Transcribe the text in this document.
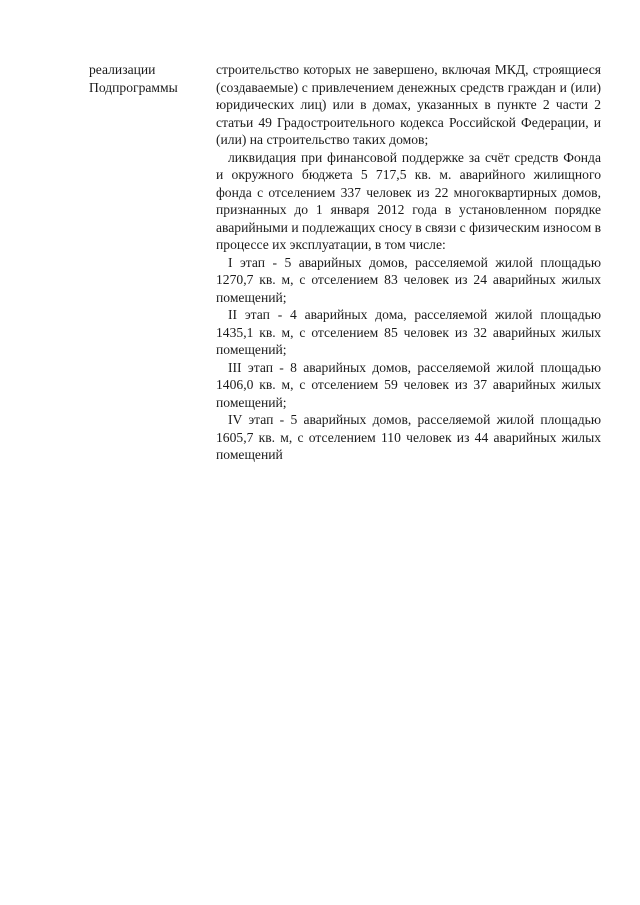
реализации
Подпрограммы

строительство которых не завершено, включая МКД, строящиеся (создаваемые) с привлечением денежных средств граждан и (или) юридических лиц) или в домах, указанных в пункте 2 части 2 статьи 49 Градостроительного кодекса Российской Федерации, и (или) на строительство таких домов;

ликвидация при финансовой поддержке за счёт средств Фонда и окружного бюджета 5 717,5 кв. м. аварийного жилищного фонда с отселением 337 человек из 22 многоквартирных домов, признанных до 1 января 2012 года в установленном порядке аварийными и подлежащих сносу в связи с физическим износом в процессе их эксплуатации, в том числе:

I этап - 5 аварийных домов, расселяемой жилой площадью 1270,7 кв. м, с отселением 83 человек из 24 аварийных жилых помещений;

II этап - 4 аварийных дома, расселяемой жилой площадью 1435,1 кв. м, с отселением 85 человек из 32 аварийных жилых помещений;

III этап - 8 аварийных домов, расселяемой жилой площадью 1406,0 кв. м, с отселением 59 человек из 37 аварийных жилых помещений;

IV этап - 5 аварийных домов, расселяемой жилой площадью 1605,7 кв. м, с отселением 110 человек из 44 аварийных жилых помещений
